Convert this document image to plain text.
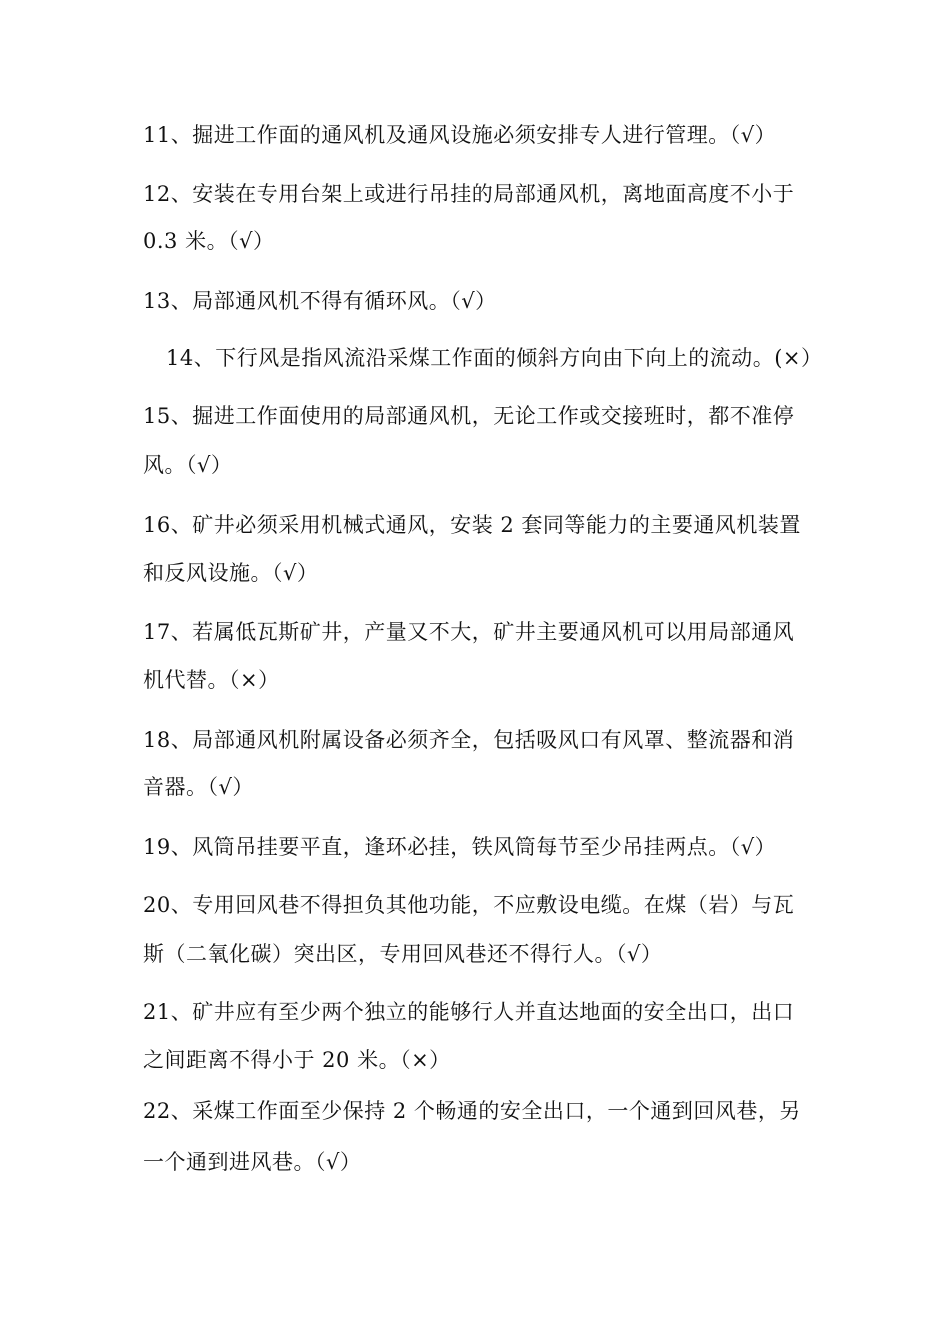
11、掘进工作面的通风机及通风设施必须安排专人进行管理。（√）
12、安装在专用台架上或进行吊挂的局部通风机，离地面高度不小于
0.3 米。（√）
13、局部通风机不得有循环风。（√）
14、下行风是指风流沿采煤工作面的倾斜方向由下向上的流动。(×）
15、掘进工作面使用的局部通风机，无论工作或交接班时，都不准停
风。（√）
16、矿井必须采用机械式通风，安装 2 套同等能力的主要通风机装置
和反风设施。（√）
17、若属低瓦斯矿井，产量又不大，矿井主要通风机可以用局部通风
机代替。（×）
18、局部通风机附属设备必须齐全，包括吸风口有风罩、整流器和消
音器。（√）
19、风筒吊挂要平直，逢环必挂，铁风筒每节至少吊挂两点。（√）
20、专用回风巷不得担负其他功能，不应敷设电缆。在煤（岩）与瓦
斯（二氧化碳）突出区，专用回风巷还不得行人。（√）
21、矿井应有至少两个独立的能够行人并直达地面的安全出口，出口
之间距离不得小于 20 米。（×）
22、采煤工作面至少保持 2 个畅通的安全出口，一个通到回风巷，另
一个通到进风巷。（√）
